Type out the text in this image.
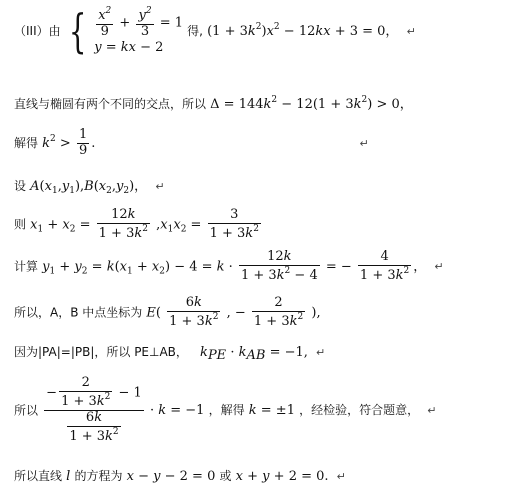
（III）由 { $\frac{x^2}{9} + \frac{y^2}{3} = 1$
y = kx − 2
得, $(1 + 3k^2)x^2 - 12kx + 3 = 0$， ↵
直线与椭圆有两个不同的交点，所以 $\Delta = 144k^2 - 12(1 + 3k^2) > 0$，
解得 $k^2 > \frac{1}{9}$ .	↵
设 $A(x_1,y_1),B(x_2,y_2)$， ↵
则 $x_1 + x_2 = \frac{12k}{1 + 3k^2} ,x_1x_2 = \frac{3}{1 + 3k^2}$
计算 $y_1 + y_2 = k(x_1 + x_2) - 4 = k \cdot \frac{12k}{1 + 3k^2 - 4}$ = − $\frac{4}{1 + 3k^2}$ ， ↵
所以，A，B 中点坐标为 $E( \frac{6k}{1 + 3k^2}$ , − $\frac{2}{1 + 3k^2}$ ),
因为|PA|=|PB|，所以 PE⊥AB， $k_{PE} \cdot k_{AB} = -1$, ↵
所以 $\frac{- \frac{2}{1 + 3k^2} - 1}{\frac{6k}{1 + 3k^2}} \cdot k = -1$ ，解得 k = ±1 ，经检验，符合题意， ↵
所以直线 l 的方程为 x − y − 2 = 0 或 x + y + 2 = 0. ↵
